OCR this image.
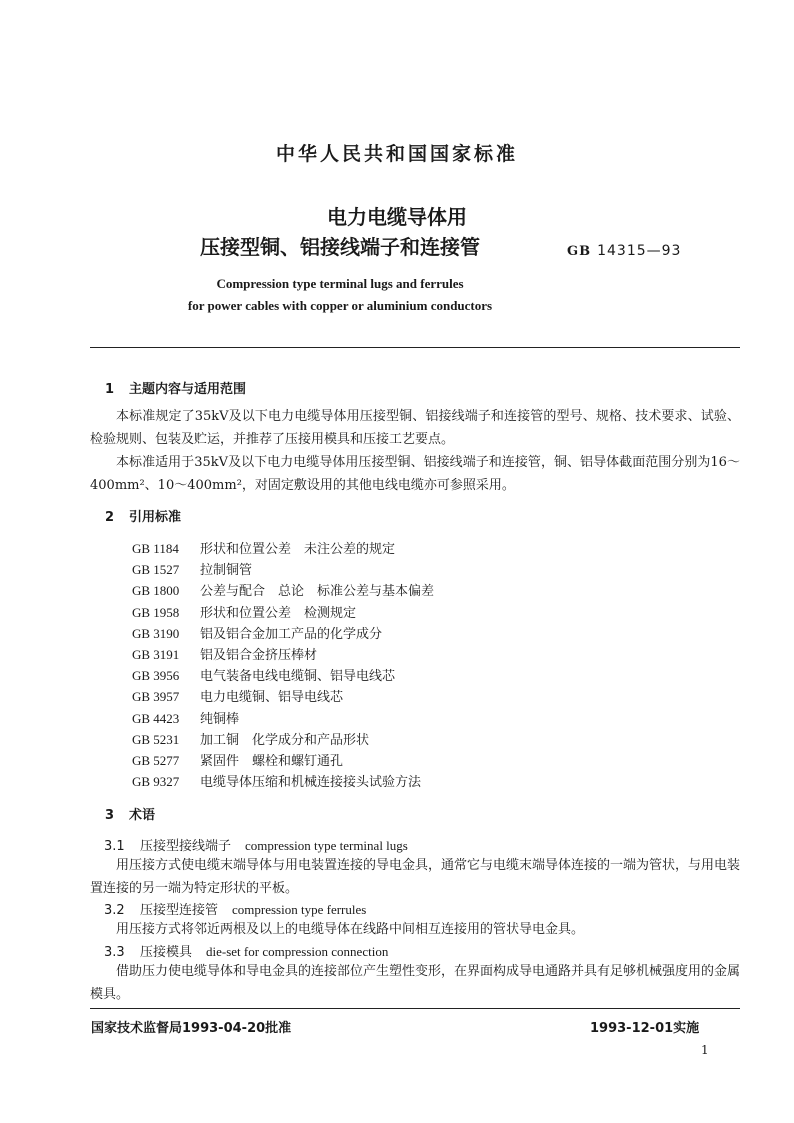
中华人民共和国国家标准
电力电缆导体用
压接型铜、铝接线端子和连接管	GB 14315—93
Compression type terminal lugs and ferrules
for power cables with copper or aluminium conductors
1 主题内容与适用范围
本标准规定了35kV及以下电力电缆导体用压接型铜、铝接线端子和连接管的型号、规格、技术要求、试验、检验规则、包装及贮运，并推荐了压接用模具和压接工艺要点。
本标准适用于35kV及以下电力电缆导体用压接型铜、铝接线端子和连接管，铜、铝导体截面范围分别为16～400mm²、10～400mm²，对固定敷设用的其他电线电缆亦可参照采用。
2 引用标准
GB 1184 形状和位置公差　未注公差的规定
GB 1527 拉制铜管
GB 1800 公差与配合　总论　标准公差与基本偏差
GB 1958 形状和位置公差　检测规定
GB 3190 铝及铝合金加工产品的化学成分
GB 3191 铝及铝合金挤压棒材
GB 3956 电气装备电线电缆铜、铝导电线芯
GB 3957 电力电缆铜、铝导电线芯
GB 4423 纯铜棒
GB 5231 加工铜　化学成分和产品形状
GB 5277 紧固件　螺栓和螺钉通孔
GB 9327 电缆导体压缩和机械连接接头试验方法
3 术语
3.1 压接型接线端子 compression type terminal lugs
用压接方式使电缆末端导体与用电装置连接的导电金具，通常它与电缆末端导体连接的一端为管状，与用电装置连接的另一端为特定形状的平板。
3.2 压接型连接管 compression type ferrules
用压接方式将邻近两根及以上的电缆导体在线路中间相互连接用的管状导电金具。
3.3 压接模具 die-set for compression connection
借助压力使电缆导体和导电金具的连接部位产生塑性变形，在界面构成导电通路并具有足够机械强度用的金属模具。
国家技术监督局1993-04-20批准	1993-12-01实施
1
